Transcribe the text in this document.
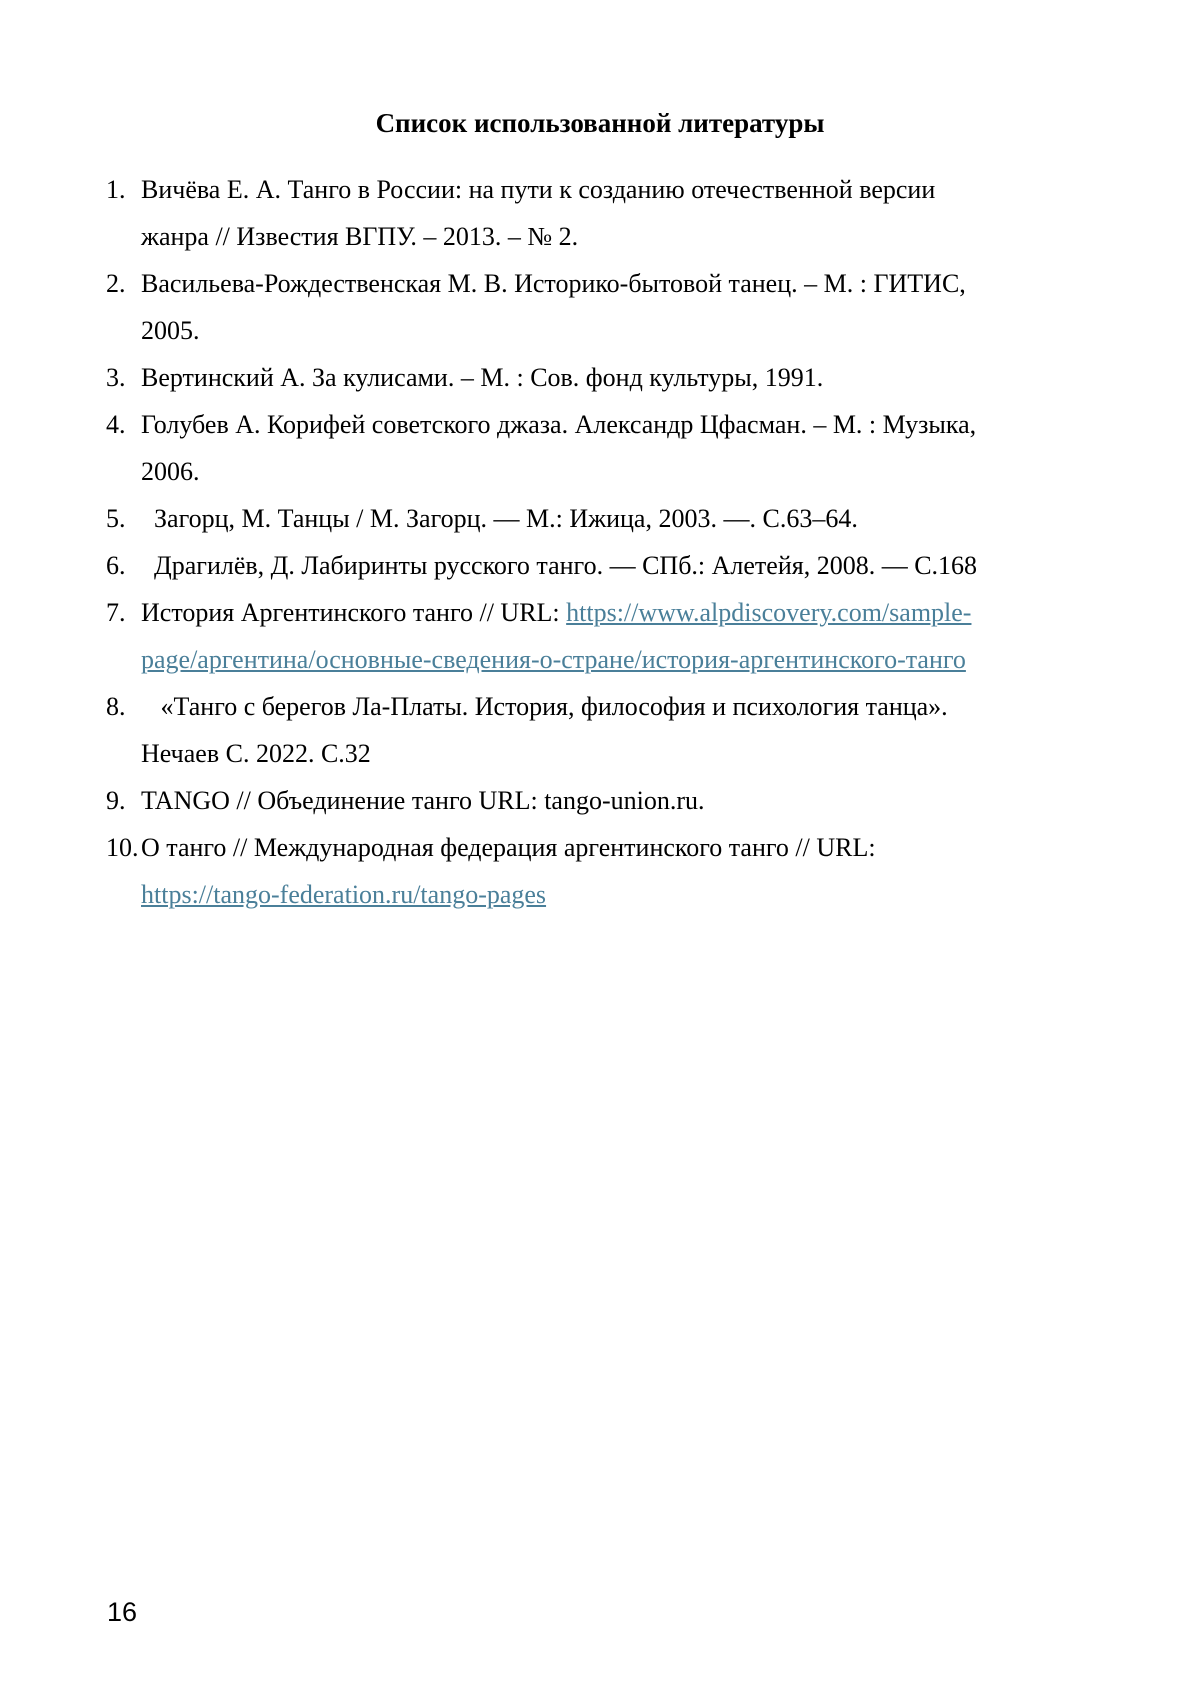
Список использованной литературы
1. Вичёва Е. А. Танго в России: на пути к созданию отечественной версии
жанра // Известия ВГПУ. – 2013. – № 2.
2. Васильева-Рождественская М. В. Историко-бытовой танец. – М. : ГИТИС,
2005.
3. Вертинский А. За кулисами. – М. : Сов. фонд культуры, 1991.
4. Голубев А. Корифей советского джаза. Александр Цфасман. – М. : Музыка,
2006.
5.  Загорц, М. Танцы / М. Загорц. — М.: Ижица, 2003. —. С.63–64.
6.  Драгилёв, Д. Лабиринты русского танго. — СПб.: Алетейя, 2008. — С.168
7. История Аргентинского танго // URL: https://www.alpdiscovery.com/sample-
page/аргентина/основные-сведения-о-стране/история-аргентинского-танго
8.   «Танго с берегов Ла-Платы. История, философия и психология танца».
Нечаев С. 2022. С.32
9. TANGO // Объединение танго URL: tango-union.ru.
10.О танго // Международная федерация аргентинского танго // URL:
https://tango-federation.ru/tango-pages
16
